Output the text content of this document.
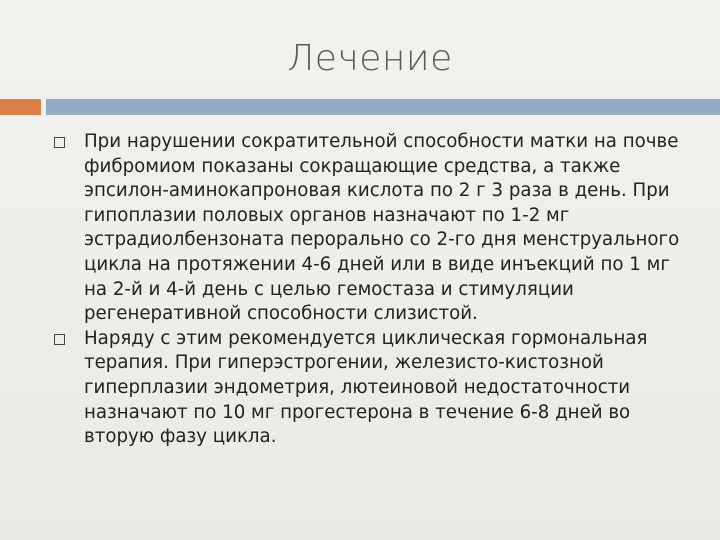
Лечение
При нарушении сократительной способности матки на почве фибромиом показаны сокращающие средства, а также эпсилон-аминокапроновая кислота по 2 г 3 раза в день. При гипоплазии половых органов назначают по 1-2 мг эстрадиолбензоната перорально со 2-го дня менструального цикла на протяжении 4-6 дней или в виде инъекций по 1 мг на 2-й и 4-й день с целью гемостаза и стимуляции регенеративной способности слизистой.
Наряду с этим рекомендуется циклическая гормональная терапия. При гиперэстрогении, железисто-кистозной гиперплазии эндометрия, лютеиновой недостаточности назначают по 10 мг прогестерона в течение 6-8 дней во вторую фазу цикла.
